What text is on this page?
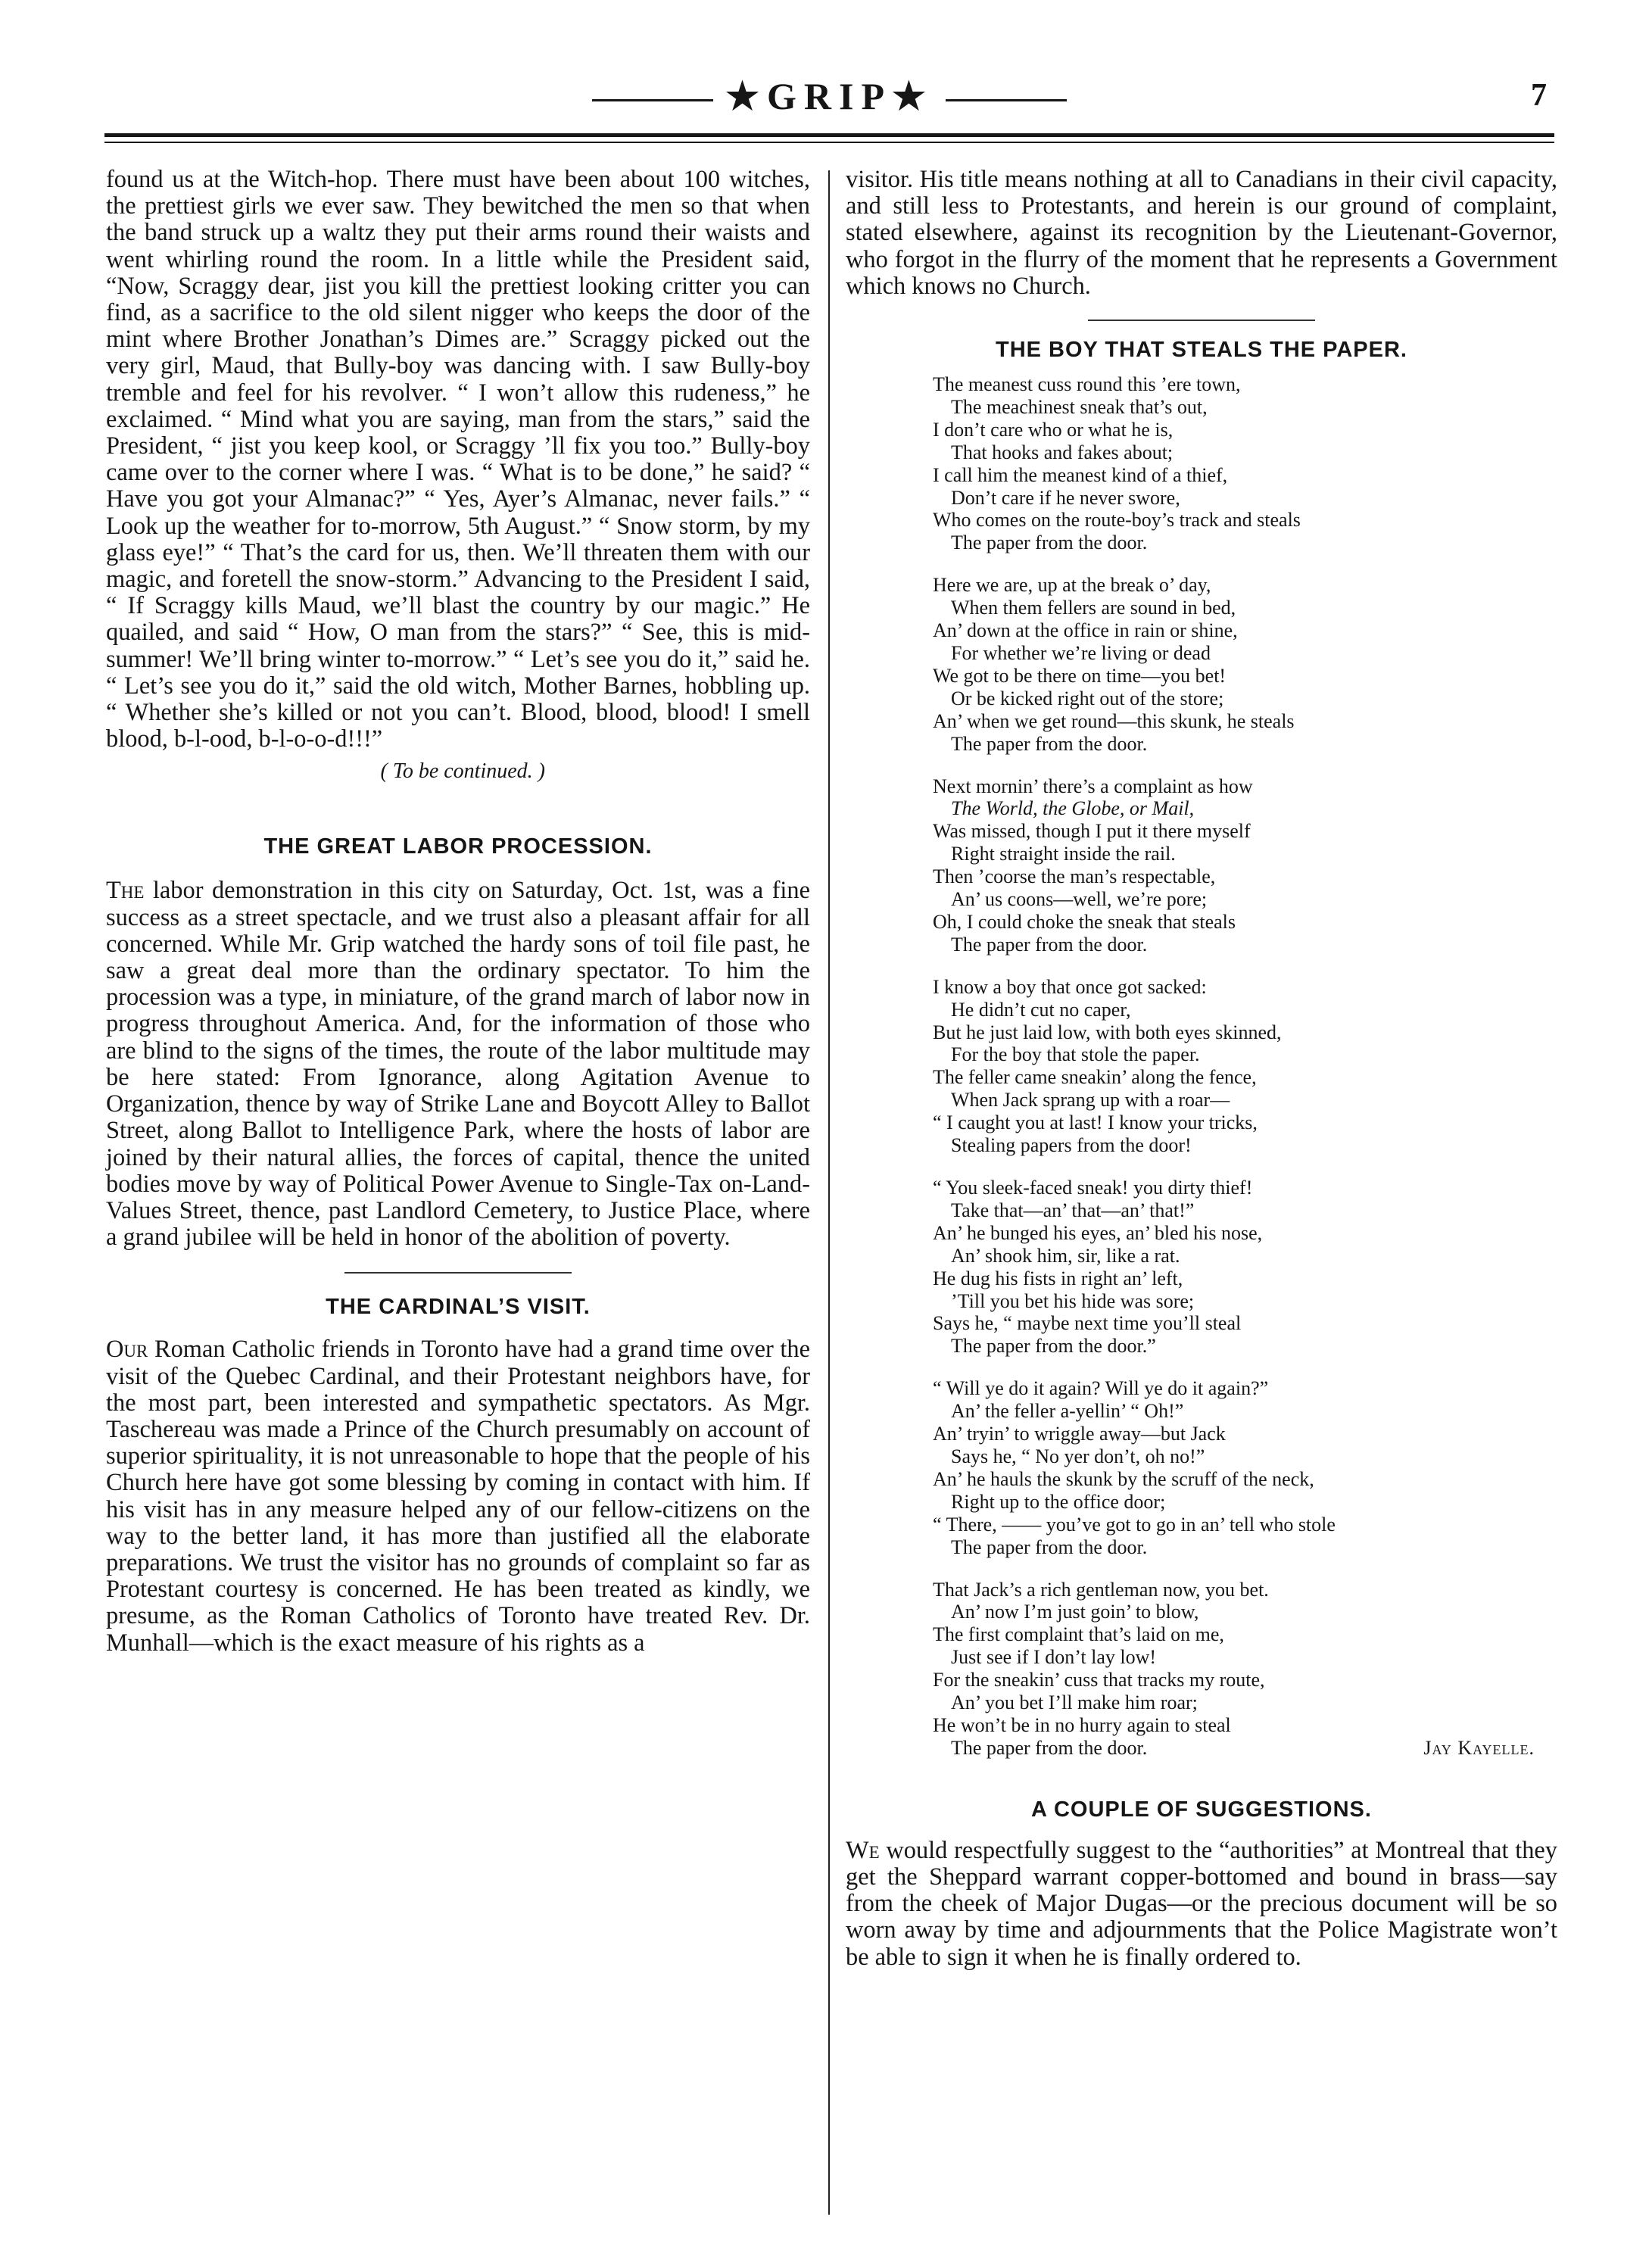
★GRIP★	7

found us at the Witch-hop. There must have been about 100 witches, the prettiest girls we ever saw. They bewitched the men so that when the band struck up a waltz they put their arms round their waists and went whirling round the room. In a little while the President said, “Now, Scraggy dear, jist you kill the prettiest looking critter you can find, as a sacrifice to the old silent nigger who keeps the door of the mint where Brother Jonathan’s Dimes are.” Scraggy picked out the very girl, Maud, that Bully-boy was dancing with. I saw Bully-boy tremble and feel for his revolver. “ I won’t allow this rudeness,” he exclaimed. “ Mind what you are saying, man from the stars,” said the President, “ jist you keep kool, or Scraggy ’ll fix you too.” Bully-boy came over to the corner where I was. “ What is to be done,” he said? “ Have you got your Almanac?” “ Yes, Ayer’s Almanac, never fails.” “ Look up the weather for to-morrow, 5th August.” “ Snow storm, by my glass eye!” “ That’s the card for us, then. We’ll threaten them with our magic, and foretell the snow-storm.” Advancing to the President I said, “ If Scraggy kills Maud, we’ll blast the country by our magic.” He quailed, and said “ How, O man from the stars?” “ See, this is mid-summer! We’ll bring winter to-morrow.” “ Let’s see you do it,” said he. “ Let’s see you do it,” said the old witch, Mother Barnes, hobbling up. “ Whether she’s killed or not you can’t. Blood, blood, blood! I smell blood, b-l-ood, b-l-o-o-d!!!”

( To be continued. )

THE GREAT LABOR PROCESSION.

The labor demonstration in this city on Saturday, Oct. 1st, was a fine success as a street spectacle, and we trust also a pleasant affair for all concerned. While Mr. Grip watched the hardy sons of toil file past, he saw a great deal more than the ordinary spectator. To him the procession was a type, in miniature, of the grand march of labor now in progress throughout America. And, for the information of those who are blind to the signs of the times, the route of the labor multitude may be here stated: From Ignorance, along Agitation Avenue to Organization, thence by way of Strike Lane and Boycott Alley to Ballot Street, along Ballot to Intelligence Park, where the hosts of labor are joined by their natural allies, the forces of capital, thence the united bodies move by way of Political Power Avenue to Single-Tax on-Land-Values Street, thence, past Landlord Cemetery, to Justice Place, where a grand jubilee will be held in honor of the abolition of poverty.

THE CARDINAL’S VISIT.

Our Roman Catholic friends in Toronto have had a grand time over the visit of the Quebec Cardinal, and their Protestant neighbors have, for the most part, been interested and sympathetic spectators. As Mgr. Taschereau was made a Prince of the Church presumably on account of superior spirituality, it is not unreasonable to hope that the people of his Church here have got some blessing by coming in contact with him. If his visit has in any measure helped any of our fellow-citizens on the way to the better land, it has more than justified all the elaborate preparations. We trust the visitor has no grounds of complaint so far as Protestant courtesy is concerned. He has been treated as kindly, we presume, as the Roman Catholics of Toronto have treated Rev. Dr. Munhall—which is the exact measure of his rights as a

visitor. His title means nothing at all to Canadians in their civil capacity, and still less to Protestants, and herein is our ground of complaint, stated elsewhere, against its recognition by the Lieutenant-Governor, who forgot in the flurry of the moment that he represents a Government which knows no Church.

THE BOY THAT STEALS THE PAPER.
The meanest cuss round this ’ere town,
The meachinest sneak that’s out,
I don’t care who or what he is,
That hooks and fakes about;
I call him the meanest kind of a thief,
Don’t care if he never swore,
Who comes on the route-boy’s track and steals
The paper from the door.
Here we are, up at the break o’ day,
When them fellers are sound in bed,
An’ down at the office in rain or shine,
For whether we’re living or dead
We got to be there on time—you bet!
Or be kicked right out of the store;
An’ when we get round—this skunk, he steals
The paper from the door.
Next mornin’ there’s a complaint as how
The World, the Globe, or Mail,
Was missed, though I put it there myself
Right straight inside the rail.
Then ’coorse the man’s respectable,
An’ us coons—well, we’re pore;
Oh, I could choke the sneak that steals
The paper from the door.
I know a boy that once got sacked:
He didn’t cut no caper,
But he just laid low, with both eyes skinned,
For the boy that stole the paper.
The feller came sneakin’ along the fence,
When Jack sprang up with a roar—
“ I caught you at last! I know your tricks,
Stealing papers from the door!
“ You sleek-faced sneak! you dirty thief!
Take that—an’ that—an’ that!”
An’ he bunged his eyes, an’ bled his nose,
An’ shook him, sir, like a rat.
He dug his fists in right an’ left,
’Till you bet his hide was sore;
Says he, “ maybe next time you’ll steal
The paper from the door.”
“ Will ye do it again? Will ye do it again?”
An’ the feller a-yellin’ “ Oh!”
An’ tryin’ to wriggle away—but Jack
Says he, “ No yer don’t, oh no!”
An’ he hauls the skunk by the scruff of the neck,
Right up to the office door;
“ There, —— you’ve got to go in an’ tell who stole
The paper from the door.
That Jack’s a rich gentleman now, you bet.
An’ now I’m just goin’ to blow,
The first complaint that’s laid on me,
Just see if I don’t lay low!
For the sneakin’ cuss that tracks my route,
An’ you bet I’ll make him roar;
He won’t be in no hurry again to steal
The paper from the door.	Jay Kayelle.
A COUPLE OF SUGGESTIONS.

We would respectfully suggest to the “authorities” at Montreal that they get the Sheppard warrant copper-bottomed and bound in brass—say from the cheek of Major Dugas—or the precious document will be so worn away by time and adjournments that the Police Magistrate won’t be able to sign it when he is finally ordered to.
